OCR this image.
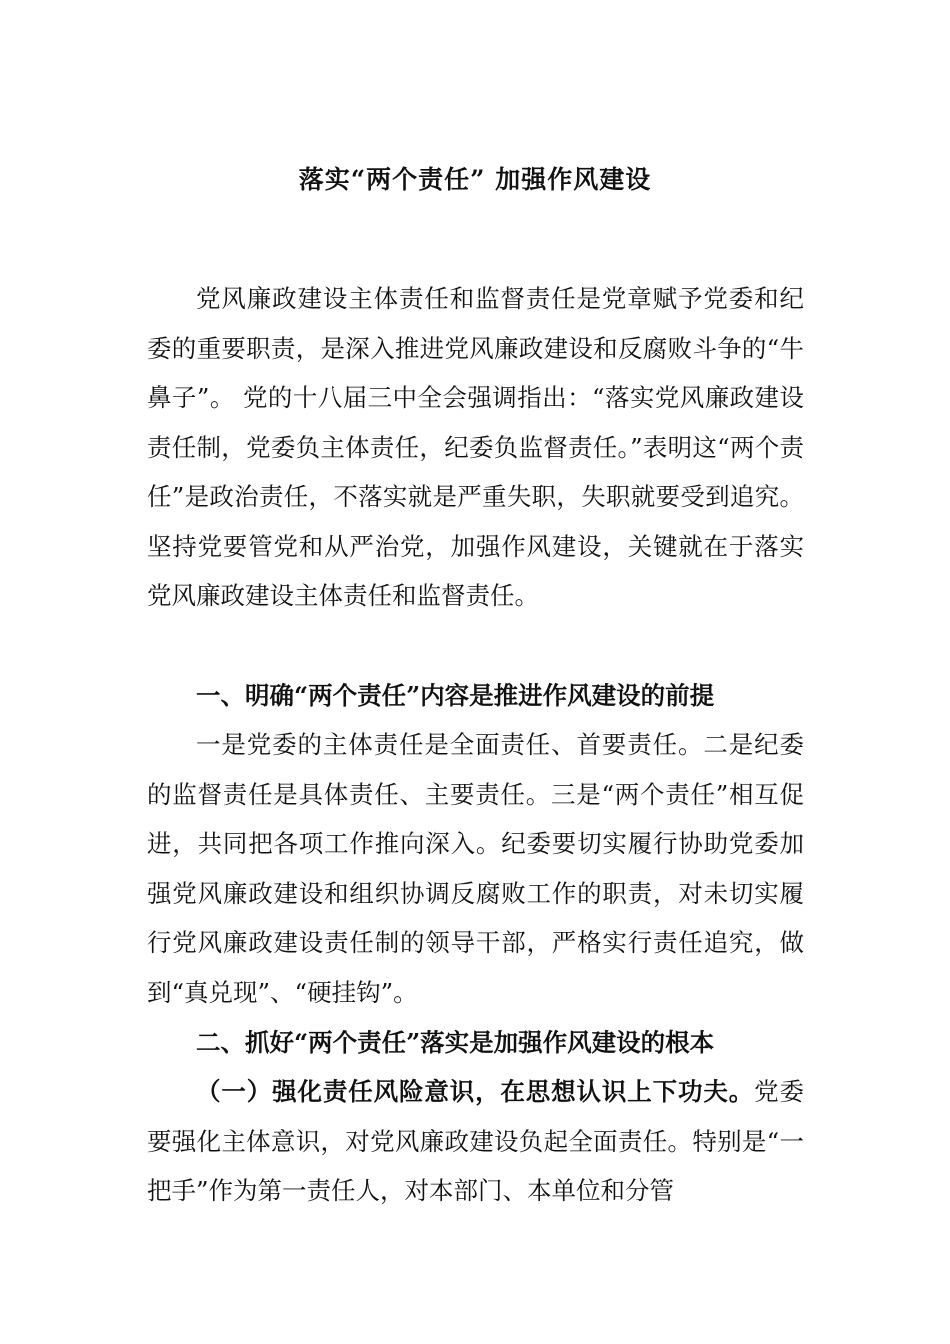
落实“两个责任” 加强作风建设

党风廉政建设主体责任和监督责任是党章赋予党委和纪委的重要职责，是深入推进党风廉政建设和反腐败斗争的“牛鼻子”。 党的十八届三中全会强调指出：“落实党风廉政建设责任制，党委负主体责任，纪委负监督责任。”表明这“两个责任”是政治责任，不落实就是严重失职，失职就要受到追究。坚持党要管党和从严治党，加强作风建设，关键就在于落实党风廉政建设主体责任和监督责任。

一、明确“两个责任”内容是推进作风建设的前提

一是党委的主体责任是全面责任、首要责任。二是纪委的监督责任是具体责任、主要责任。三是“两个责任”相互促进，共同把各项工作推向深入。纪委要切实履行协助党委加强党风廉政建设和组织协调反腐败工作的职责，对未切实履行党风廉政建设责任制的领导干部，严格实行责任追究，做到“真兑现”、“硬挂钩”。

二、抓好“两个责任”落实是加强作风建设的根本

（一）强化责任风险意识，在思想认识上下功夫。党委要强化主体意识，对党风廉政建设负起全面责任。特别是“一把手”作为第一责任人，对本部门、本单位和分管
